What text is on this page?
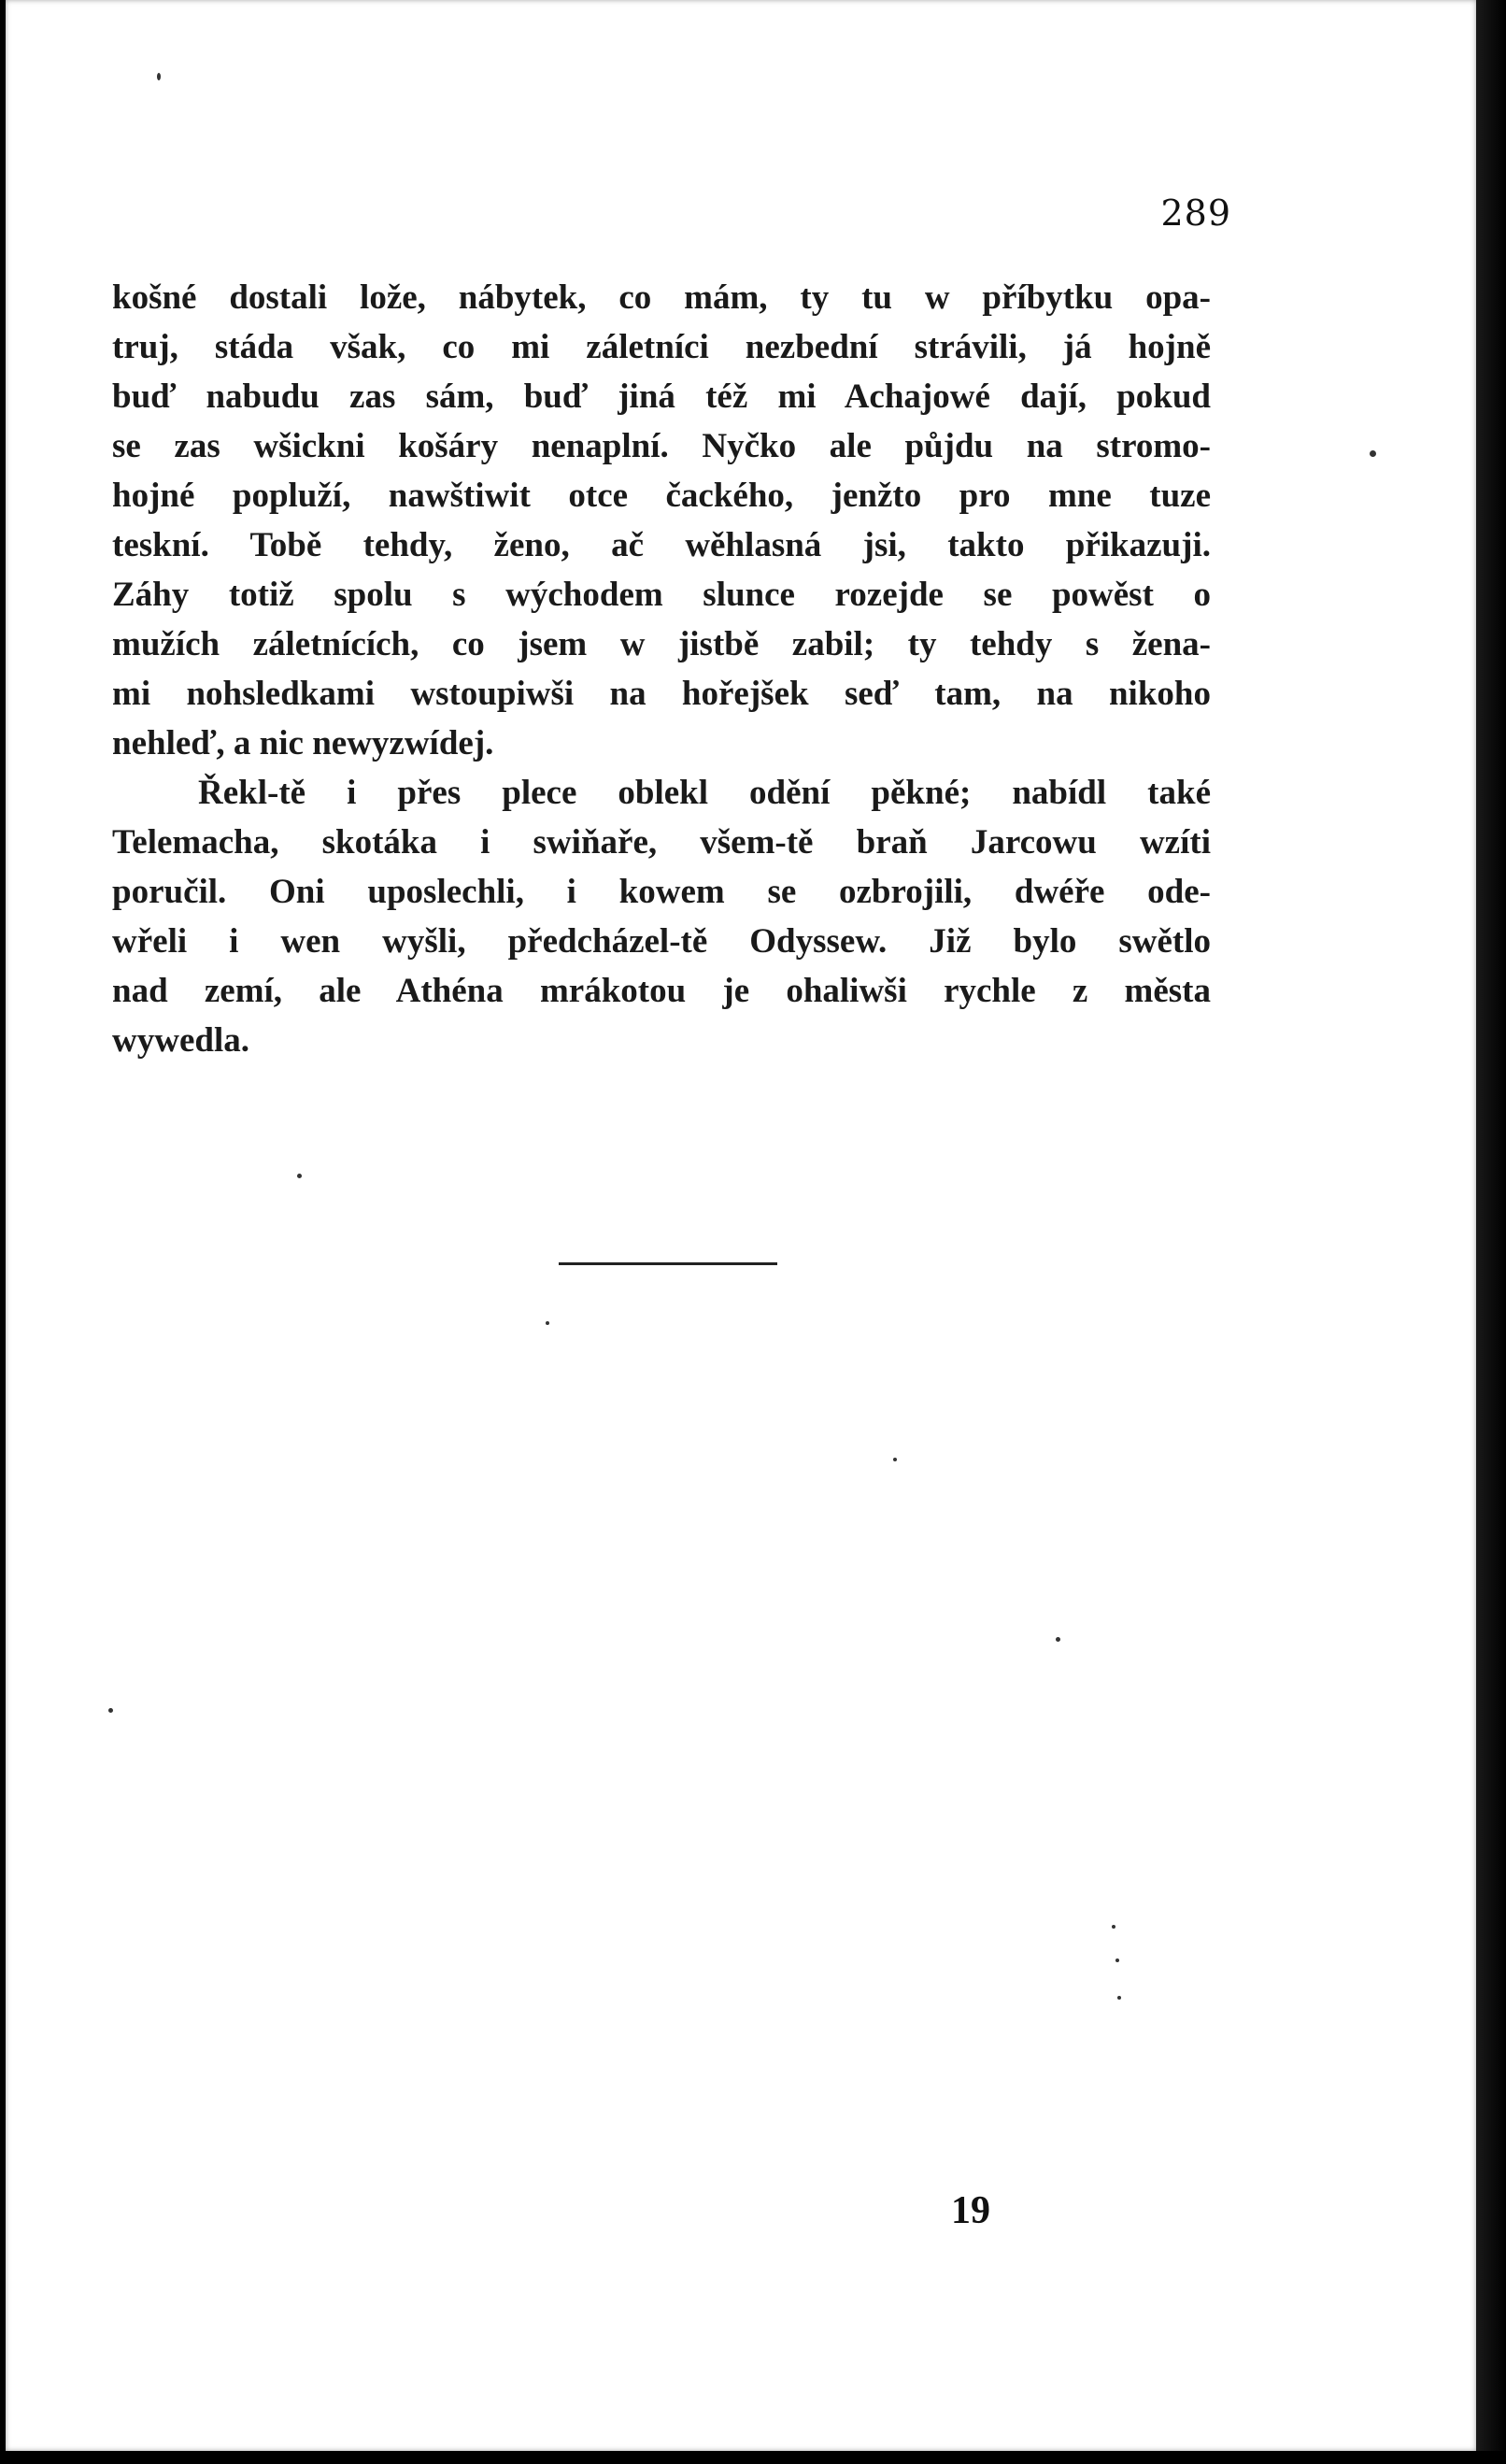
289
košné dostali lože, nábytek, co mám, ty tu w příbytku opa-
truj, stáda však, co mi záletníci nezbední strávili, já hojně
buď nabudu zas sám, buď jiná též mi Achajowé dají, pokud
se zas wšickni košáry nenaplní. Nyčko ale půjdu na stromo-
hojné popluží, nawštiwit otce čackého, jenžto pro mne tuze
teskní. Tobě tehdy, ženo, ač wěhlasná jsi, takto přikazuji.
Záhy totiž spolu s wýchodem slunce rozejde se powěst o
mužích záletnících, co jsem w jistbě zabil; ty tehdy s žena-
mi nohsledkami wstoupiwši na hořejšek seď tam, na nikoho
nehleď, a nic newyzwídej.
Řekl-tě i přes plece oblekl odění pěkné; nabídl také
Telemacha, skotáka i swiňaře, všem-tě braň Jarcowu wzíti
poručil. Oni uposlechli, i kowem se ozbrojili, dwéře ode-
wřeli i wen wyšli, předcházel-tě Odyssew. Již bylo swětlo
nad zemí, ale Athéna mrákotou je ohaliwši rychle z města
wywedla.
19
